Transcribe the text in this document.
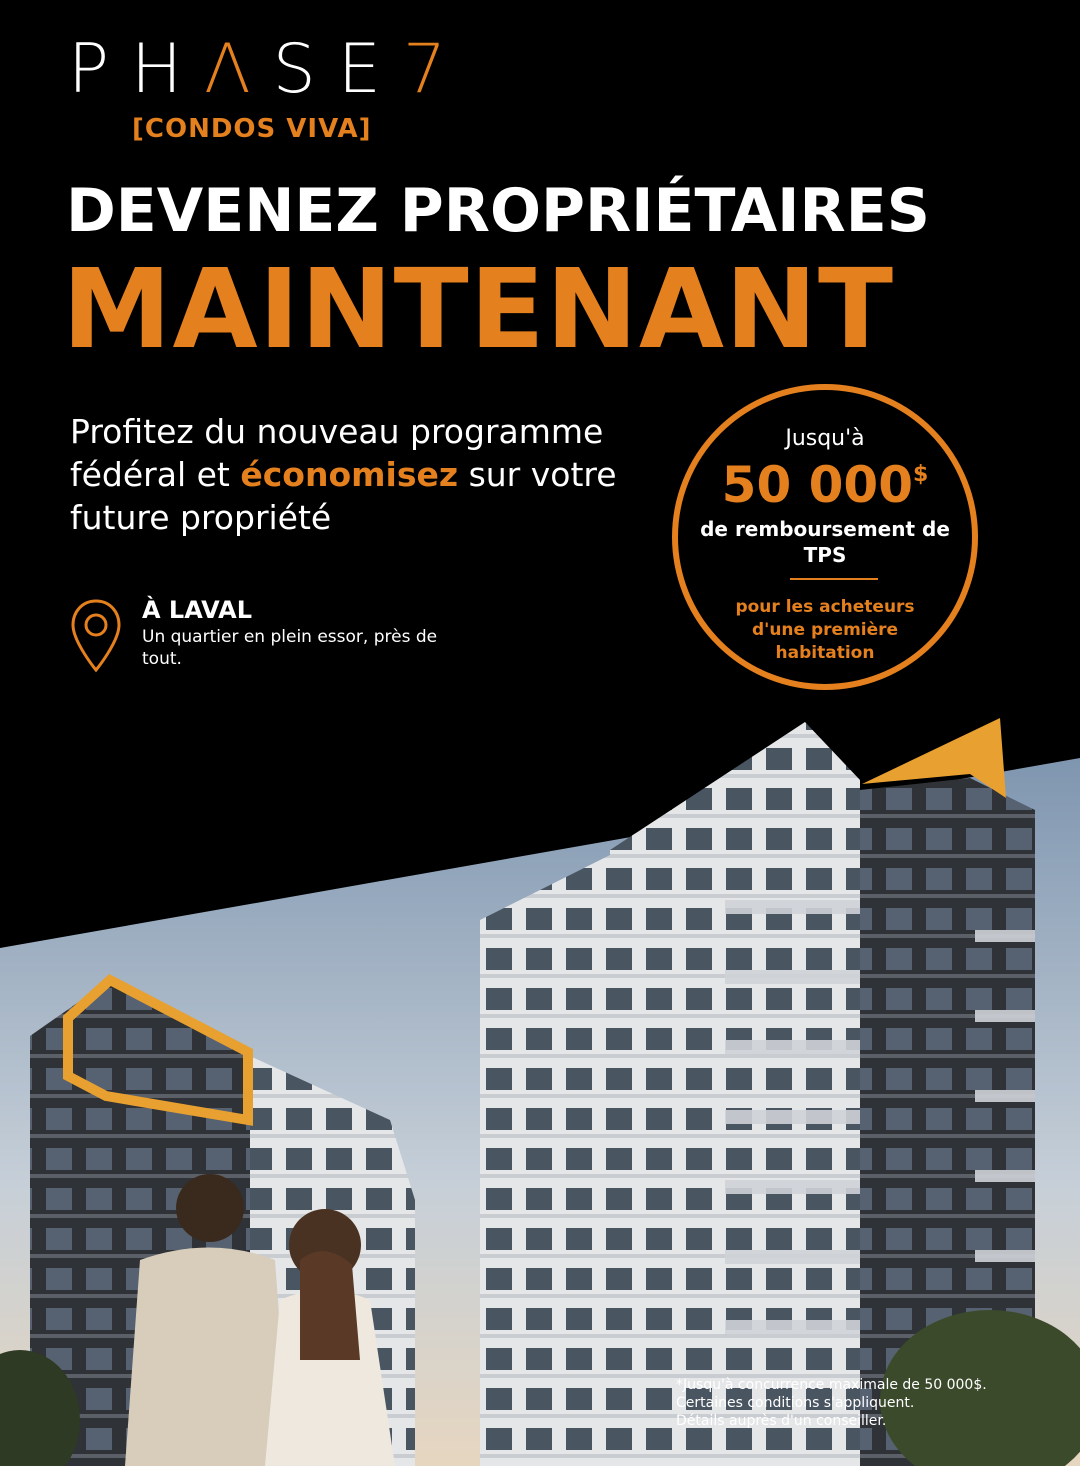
PHΛSE7
[CONDOS VIVA]
DEVENEZ PROPRIÉTAIRES
MAINTENANT
Profitez du nouveau programme fédéral et économisez sur votre future propriété
À LAVAL
Un quartier en plein essor, près de tout.
Jusqu'à
50 000$
de remboursement de TPS
pour les acheteurs d'une première habitation
*Jusqu'à concurrence maximale de 50 000$.
Certaines conditions s'appliquent.
Détails auprès d'un conseiller.
